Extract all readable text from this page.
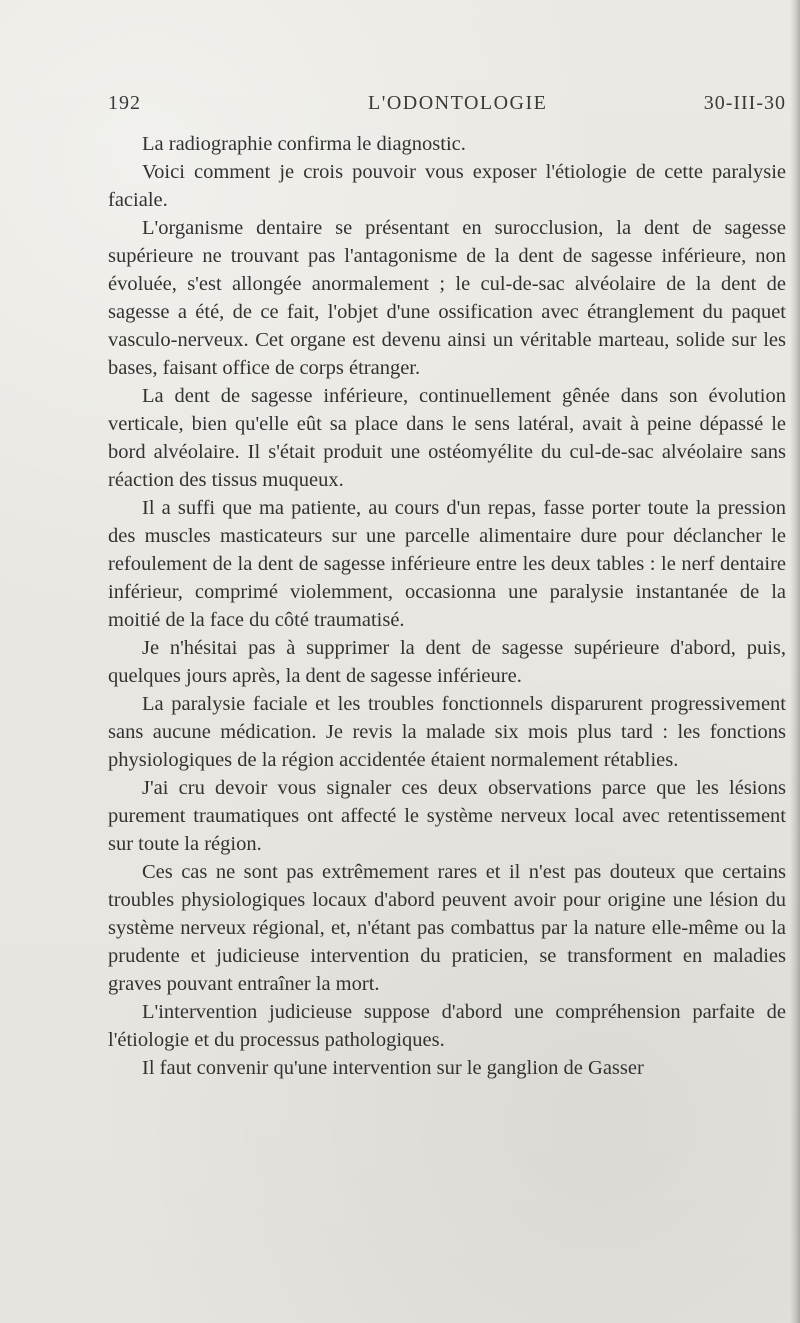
192	L'ODONTOLOGIE	30-III-30

La radiographie confirma le diagnostic.

Voici comment je crois pouvoir vous exposer l'étiologie de cette paralysie faciale.

L'organisme dentaire se présentant en surocclusion, la dent de sagesse supérieure ne trouvant pas l'antagonisme de la dent de sagesse inférieure, non évoluée, s'est allongée anormalement ; le cul-de-sac alvéolaire de la dent de sagesse a été, de ce fait, l'objet d'une ossification avec étranglement du paquet vasculo-nerveux. Cet organe est devenu ainsi un véritable marteau, solide sur les bases, faisant office de corps étranger.

La dent de sagesse inférieure, continuellement gênée dans son évolution verticale, bien qu'elle eût sa place dans le sens latéral, avait à peine dépassé le bord alvéolaire. Il s'était produit une ostéomyélite du cul-de-sac alvéolaire sans réaction des tissus muqueux.

Il a suffi que ma patiente, au cours d'un repas, fasse porter toute la pression des muscles masticateurs sur une parcelle alimentaire dure pour déclancher le refoulement de la dent de sagesse inférieure entre les deux tables : le nerf dentaire inférieur, comprimé violemment, occasionna une paralysie instantanée de la moitié de la face du côté traumatisé.

Je n'hésitai pas à supprimer la dent de sagesse supérieure d'abord, puis, quelques jours après, la dent de sagesse inférieure.

La paralysie faciale et les troubles fonctionnels disparurent progressivement sans aucune médication. Je revis la malade six mois plus tard : les fonctions physiologiques de la région accidentée étaient normalement rétablies.

J'ai cru devoir vous signaler ces deux observations parce que les lésions purement traumatiques ont affecté le système nerveux local avec retentissement sur toute la région.

Ces cas ne sont pas extrêmement rares et il n'est pas douteux que certains troubles physiologiques locaux d'abord peuvent avoir pour origine une lésion du système nerveux régional, et, n'étant pas combattus par la nature elle-même ou la prudente et judicieuse intervention du praticien, se transforment en maladies graves pouvant entraîner la mort.

L'intervention judicieuse suppose d'abord une compréhension parfaite de l'étiologie et du processus pathologiques.

Il faut convenir qu'une intervention sur le ganglion de Gasser
